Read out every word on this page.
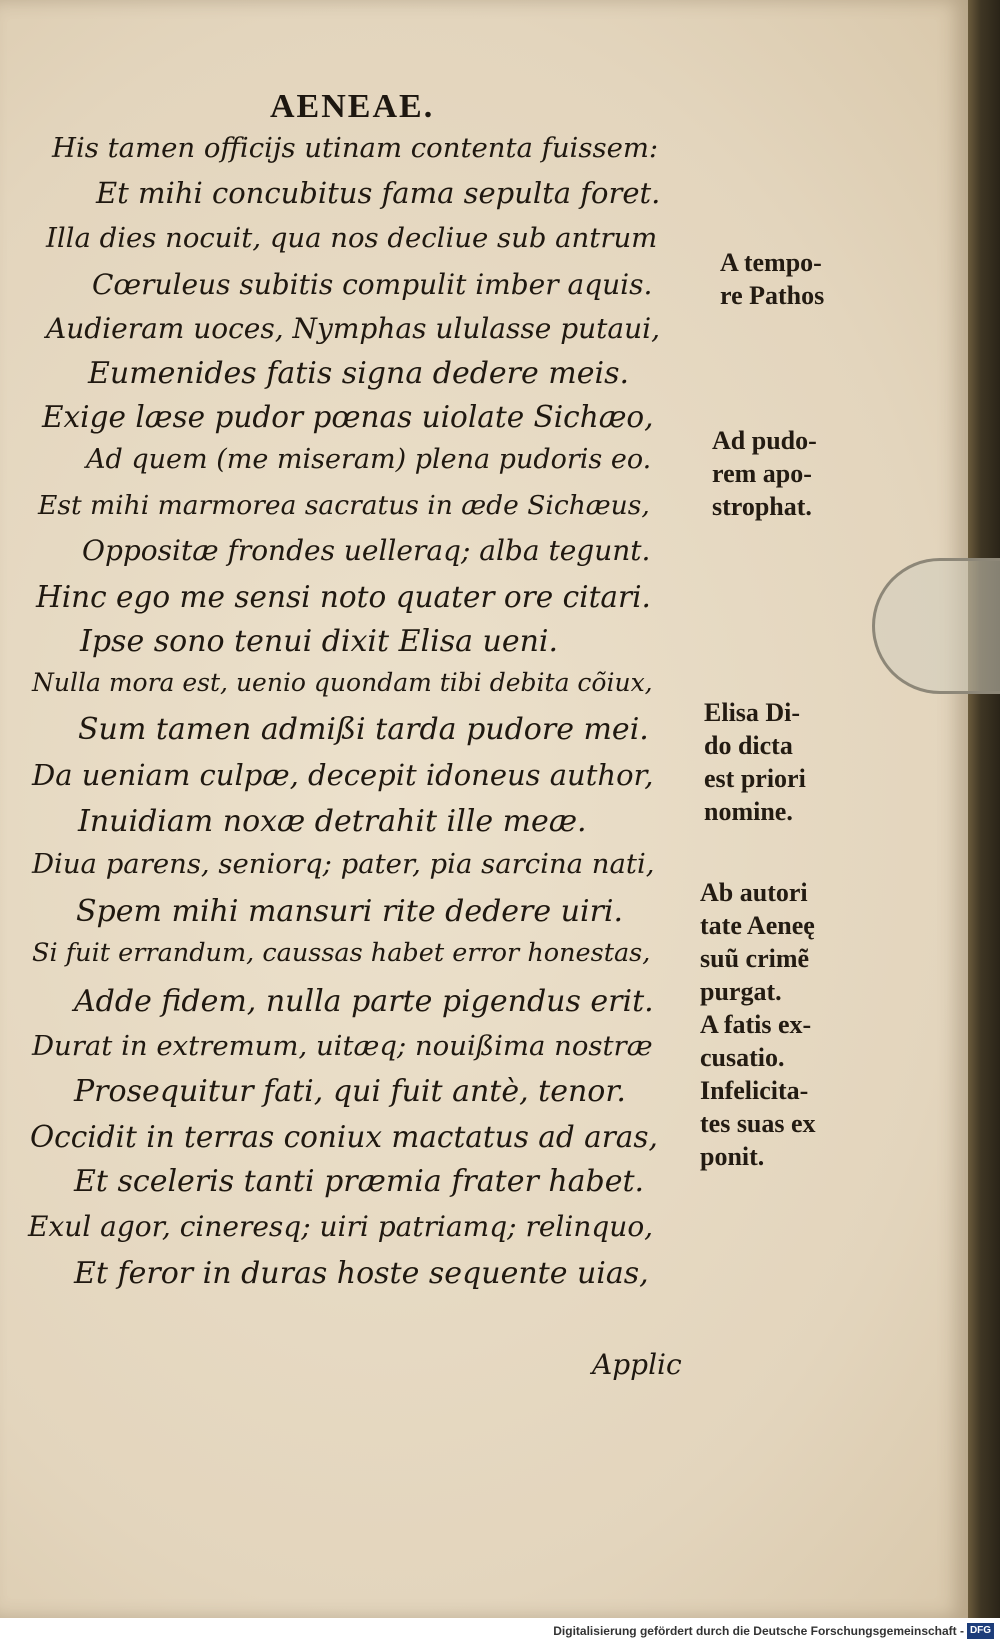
AENEAE.
His tamen officijs utinam contenta fuissem:
Et mihi concubitus fama sepulta foret.
Illa dies nocuit, qua nos decliue sub antrum
Cœruleus subitis compulit imber aquis.
Audieram uoces, Nymphas ululasse putaui,
Eumenides fatis signa dedere meis.
Exige læse pudor pœnas uiolate Sichæo,
Ad quem (me miseram) plena pudoris eo.
Est mihi marmorea sacratus in æde Sichæus,
Oppositæ frondes uelleraq; alba tegunt.
Hinc ego me sensi noto quater ore citari.
Ipse sono tenui dixit Elisa ueni.
Nulla mora est, uenio quondam tibi debita cõiux,
Sum tamen admißi tarda pudore mei.
Da ueniam culpæ, decepit idoneus author,
Inuidiam noxæ detrahit ille meæ.
Diua parens, seniorq; pater, pia sarcina nati,
Spem mihi mansuri rite dedere uiri.
Si fuit errandum, caussas habet error honestas,
Adde fidem, nulla parte pigendus erit.
Durat in extremum, uitæq; nouißima nostræ
Prosequitur fati, qui fuit antè, tenor.
Occidit in terras coniux mactatus ad aras,
Et sceleris tanti præmia frater habet.
Exul agor, cineresq; uiri patriamq; relinquo,
Et feror in duras hoste sequente uias,
A tempo-
re Pathos
Ad pudo-
rem apo-
strophat.
Elisa Di-
do dicta
est priori
nomine.
Ab autori
tate Aeneę
suũ crimẽ
purgat.
A fatis ex-
cusatio.
Infelicita-
tes suas ex
ponit.
Applic
Digitalisierung gefördert durch die Deutsche Forschungsgemeinschaft - DFG
